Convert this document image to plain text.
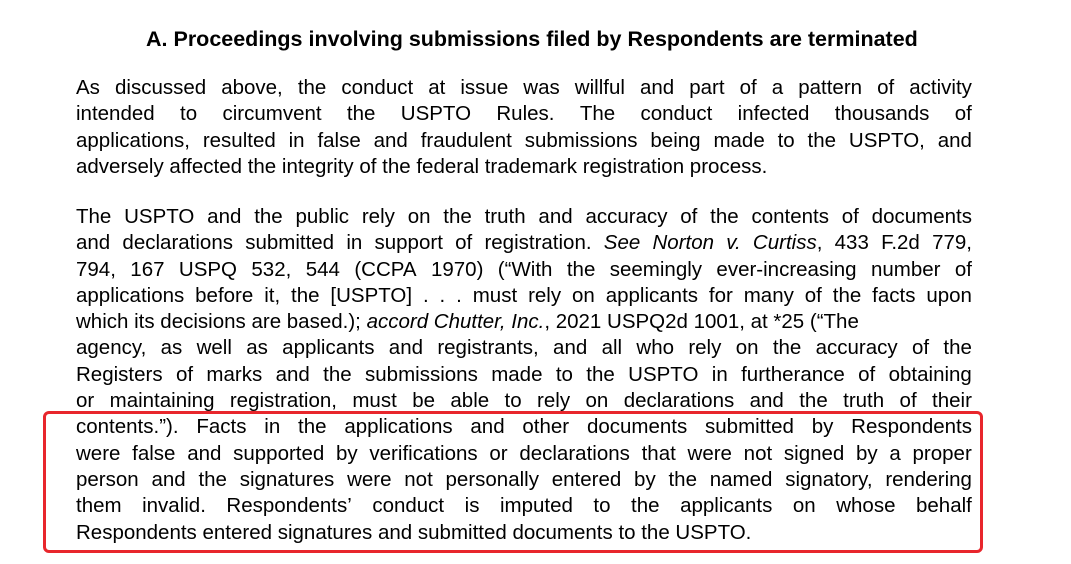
A. Proceedings involving submissions filed by Respondents are terminated
As discussed above, the conduct at issue was willful and part of a pattern of activity
intended to circumvent the USPTO Rules. The conduct infected thousands of
applications, resulted in false and fraudulent submissions being made to the USPTO, and
adversely affected the integrity of the federal trademark registration process.
The USPTO and the public rely on the truth and accuracy of the contents of documents
and declarations submitted in support of registration. See Norton v. Curtiss, 433 F.2d 779,
794, 167 USPQ 532, 544 (CCPA 1970) (“With the seemingly ever-increasing number of
applications before it, the [USPTO] . . . must rely on applicants for many of the facts upon
which its decisions are based.); accord Chutter, Inc., 2021 USPQ2d 1001, at *25 (“The
agency, as well as applicants and registrants, and all who rely on the accuracy of the
Registers of marks and the submissions made to the USPTO in furtherance of obtaining
or maintaining registration, must be able to rely on declarations and the truth of their
contents.”). Facts in the applications and other documents submitted by Respondents
were false and supported by verifications or declarations that were not signed by a proper
person and the signatures were not personally entered by the named signatory, rendering
them invalid. Respondents’ conduct is imputed to the applicants on whose behalf
Respondents entered signatures and submitted documents to the USPTO.
